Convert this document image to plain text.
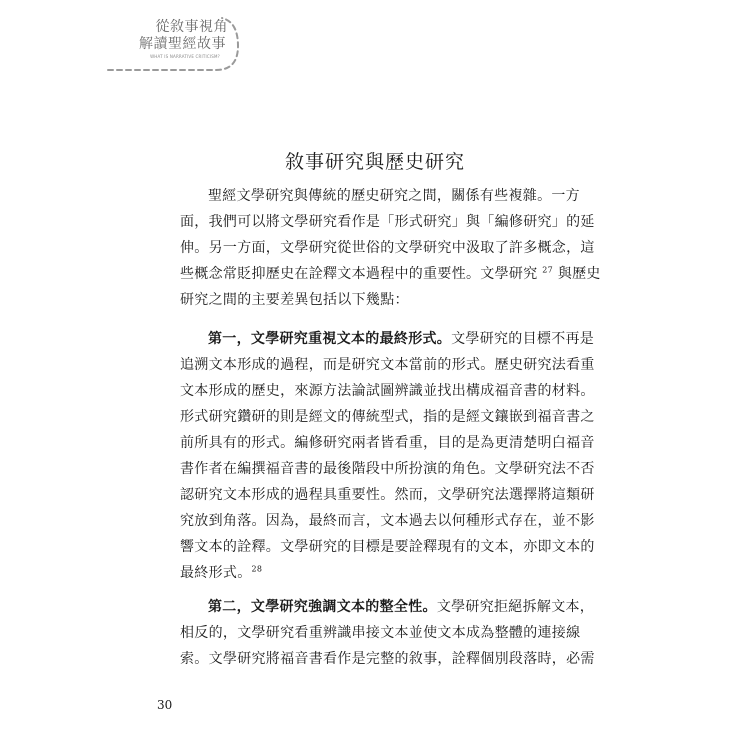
從敘事視角
解讀聖經故事
WHAT IS NARRATIVE CRITICISM?
敘事研究與歷史研究
聖經文學研究與傳統的歷史研究之間，關係有些複雜。一方
面，我們可以將文學研究看作是「形式研究」與「編修研究」的延
伸。另一方面，文學研究從世俗的文學研究中汲取了許多概念，這
些概念常貶抑歷史在詮釋文本過程中的重要性。文學研究 $^{27}$ 與歷史
研究之間的主要差異包括以下幾點：
第一，文學研究重視文本的最終形式。文學研究的目標不再是
追溯文本形成的過程，而是研究文本當前的形式。歷史研究法看重
文本形成的歷史，來源方法論試圖辨識並找出構成福音書的材料。
形式研究鑽研的則是經文的傳統型式，指的是經文鑲嵌到福音書之
前所具有的形式。編修研究兩者皆看重，目的是為更清楚明白福音
書作者在編撰福音書的最後階段中所扮演的角色。文學研究法不否
認研究文本形成的過程具重要性。然而，文學研究法選擇將這類研
究放到角落。因為，最終而言，文本過去以何種形式存在，並不影
響文本的詮釋。文學研究的目標是要詮釋現有的文本，亦即文本的
最終形式。$^{28}$
第二，文學研究強調文本的整全性。文學研究拒絕拆解文本，
相反的，文學研究看重辨識串接文本並使文本成為整體的連接線
索。文學研究將福音書看作是完整的敘事，詮釋個別段落時，必需
30
